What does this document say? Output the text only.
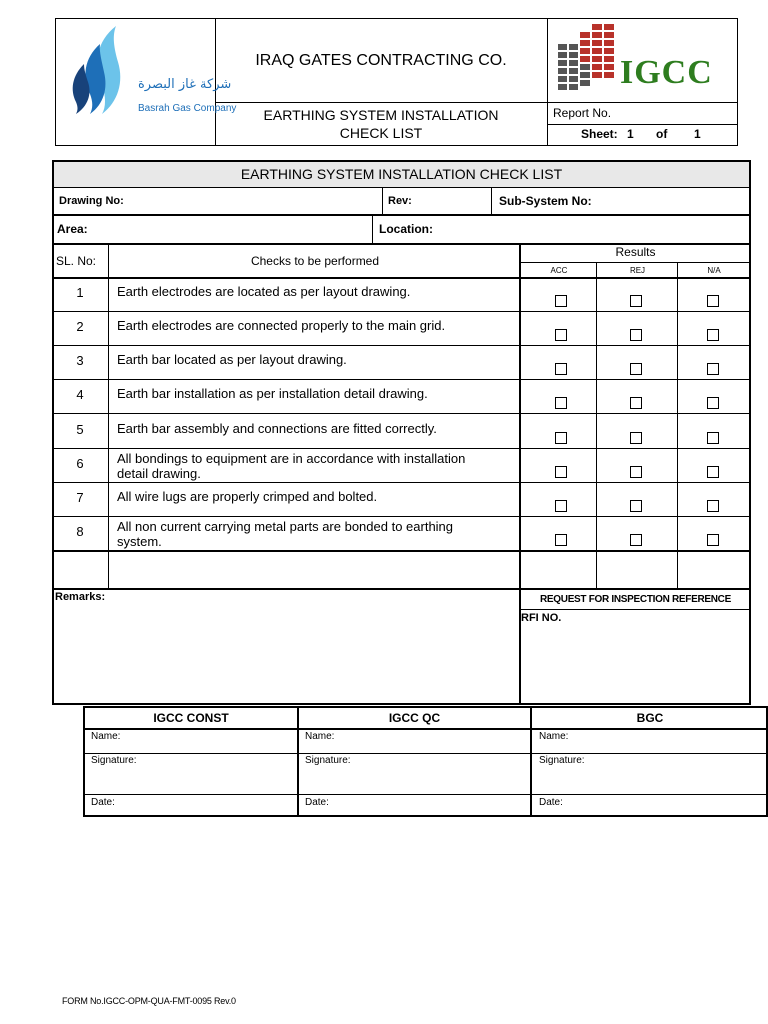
شركة غاز البصرة
Basrah Gas Company
IRAQ GATES CONTRACTING CO.
EARTHING SYSTEM INSTALLATION
CHECK LIST
IGCC
Report No.
Sheet: 1 of 1
EARTHING SYSTEM INSTALLATION CHECK LIST
Drawing No:	Rev:	Sub-System No:
Area:	Location:
SL. No:	Checks to be performed
Results
ACC	REJ	N/A
1	Earth electrodes are located as per layout drawing.
2	Earth electrodes are connected properly to the main grid.
3	Earth bar located as per layout drawing.
4	Earth bar installation as per installation detail drawing.
5	Earth bar assembly and connections are fitted correctly.
6	All bondings to equipment are in accordance with installation
detail drawing.
7	All wire lugs are properly crimped and bolted.
8	All non current carrying metal parts are bonded to earthing
system.
Remarks:	REQUEST FOR INSPECTION REFERENCE
RFI NO.
IGCC CONST	IGCC QC	BGC
Name:	Name:	Name:
Signature:	Signature:	Signature:
Date:	Date:	Date:
FORM No.IGCC-OPM-QUA-FMT-0095 Rev.0
